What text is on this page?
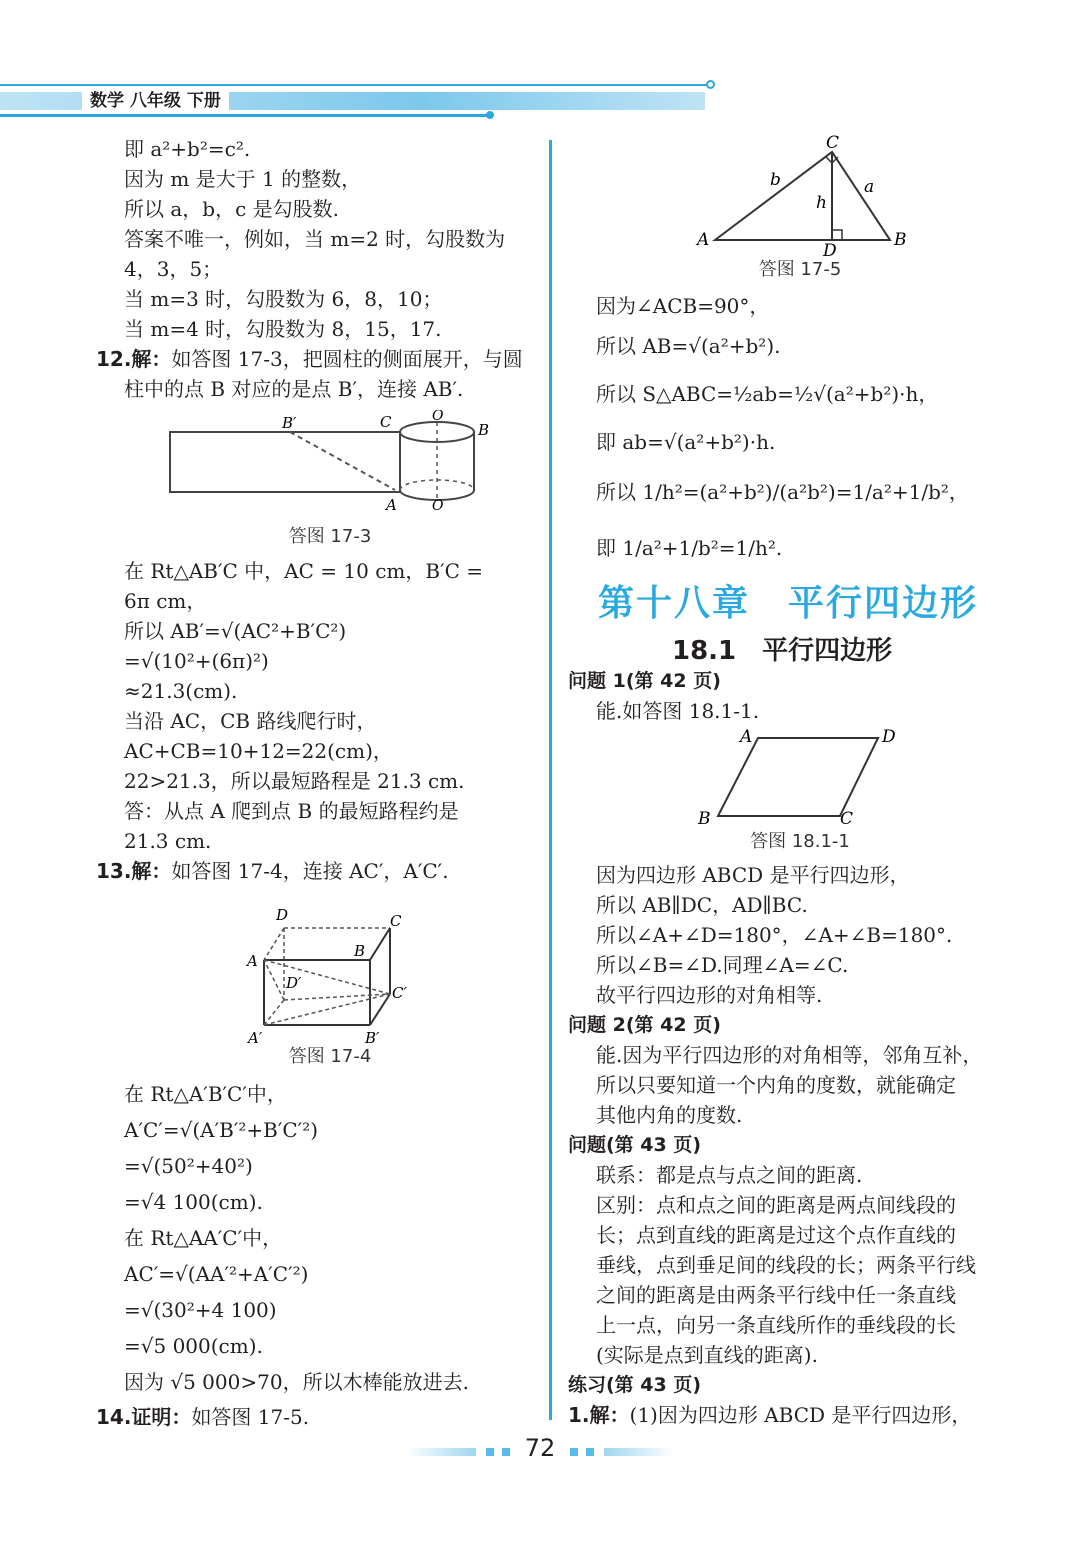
数学 八年级 下册
即 a²+b²=c².
因为 m 是大于 1 的整数，
所以 a，b，c 是勾股数.
答案不唯一，例如，当 m=2 时，勾股数为
4，3，5；
当 m=3 时，勾股数为 6，8，10；
当 m=4 时，勾股数为 8，15，17.
12.解：如答图 17-3，把圆柱的侧面展开，与圆
柱中的点 B 对应的是点 B′，连接 AB′.
B′	C	O
B
A	O
答图 17-3
在 Rt△AB′C 中，AC = 10 cm，B′C =
6π cm，
所以 AB′=√(AC²+B′C²)
=√(10²+(6π)²)
≈21.3(cm).
当沿 AC，CB 路线爬行时，
AC+CB=10+12=22(cm)，
22>21.3，所以最短路程是 21.3 cm.
答：从点 A 爬到点 B 的最短路程约是
21.3 cm.
13.解：如答图 17-4，连接 AC′，A′C′.
D	C
A
B
D′
C′
A′	B′
答图 17-4
在 Rt△A′B′C′中，
A′C′=√(A′B′²+B′C′²)
=√(50²+40²)
=√4 100(cm).
在 Rt△AA′C′中，
AC′=√(AA′²+A′C′²)
=√(30²+4 100)
=√5 000(cm).
因为 √5 000>70，所以木棒能放进去.
14.证明：如答图 17-5.
C
b	a
h
A
D
B
答图 17-5
因为∠ACB=90°，
所以 AB=√(a²+b²).
所以 S△ABC=½ab=½√(a²+b²)·h，
即 ab=√(a²+b²)·h.
所以 1/h²=(a²+b²)/(a²b²)=1/a²+1/b²，
即 1/a²+1/b²=1/h².
第十八章　平行四边形
18.1　平行四边形
问题 1(第 42 页)
能.如答图 18.1-1.
A	D
B	C
答图 18.1-1
因为四边形 ABCD 是平行四边形，
所以 AB∥DC，AD∥BC.
所以∠A+∠D=180°，∠A+∠B=180°.
所以∠B=∠D.同理∠A=∠C.
故平行四边形的对角相等.
问题 2(第 42 页)
能.因为平行四边形的对角相等，邻角互补，
所以只要知道一个内角的度数，就能确定
其他内角的度数.
问题(第 43 页)
联系：都是点与点之间的距离.
区别：点和点之间的距离是两点间线段的
长；点到直线的距离是过这个点作直线的
垂线，点到垂足间的线段的长；两条平行线
之间的距离是由两条平行线中任一条直线
上一点，向另一条直线所作的垂线段的长
(实际是点到直线的距离).
练习(第 43 页)
1.解：(1)因为四边形 ABCD 是平行四边形，
72
